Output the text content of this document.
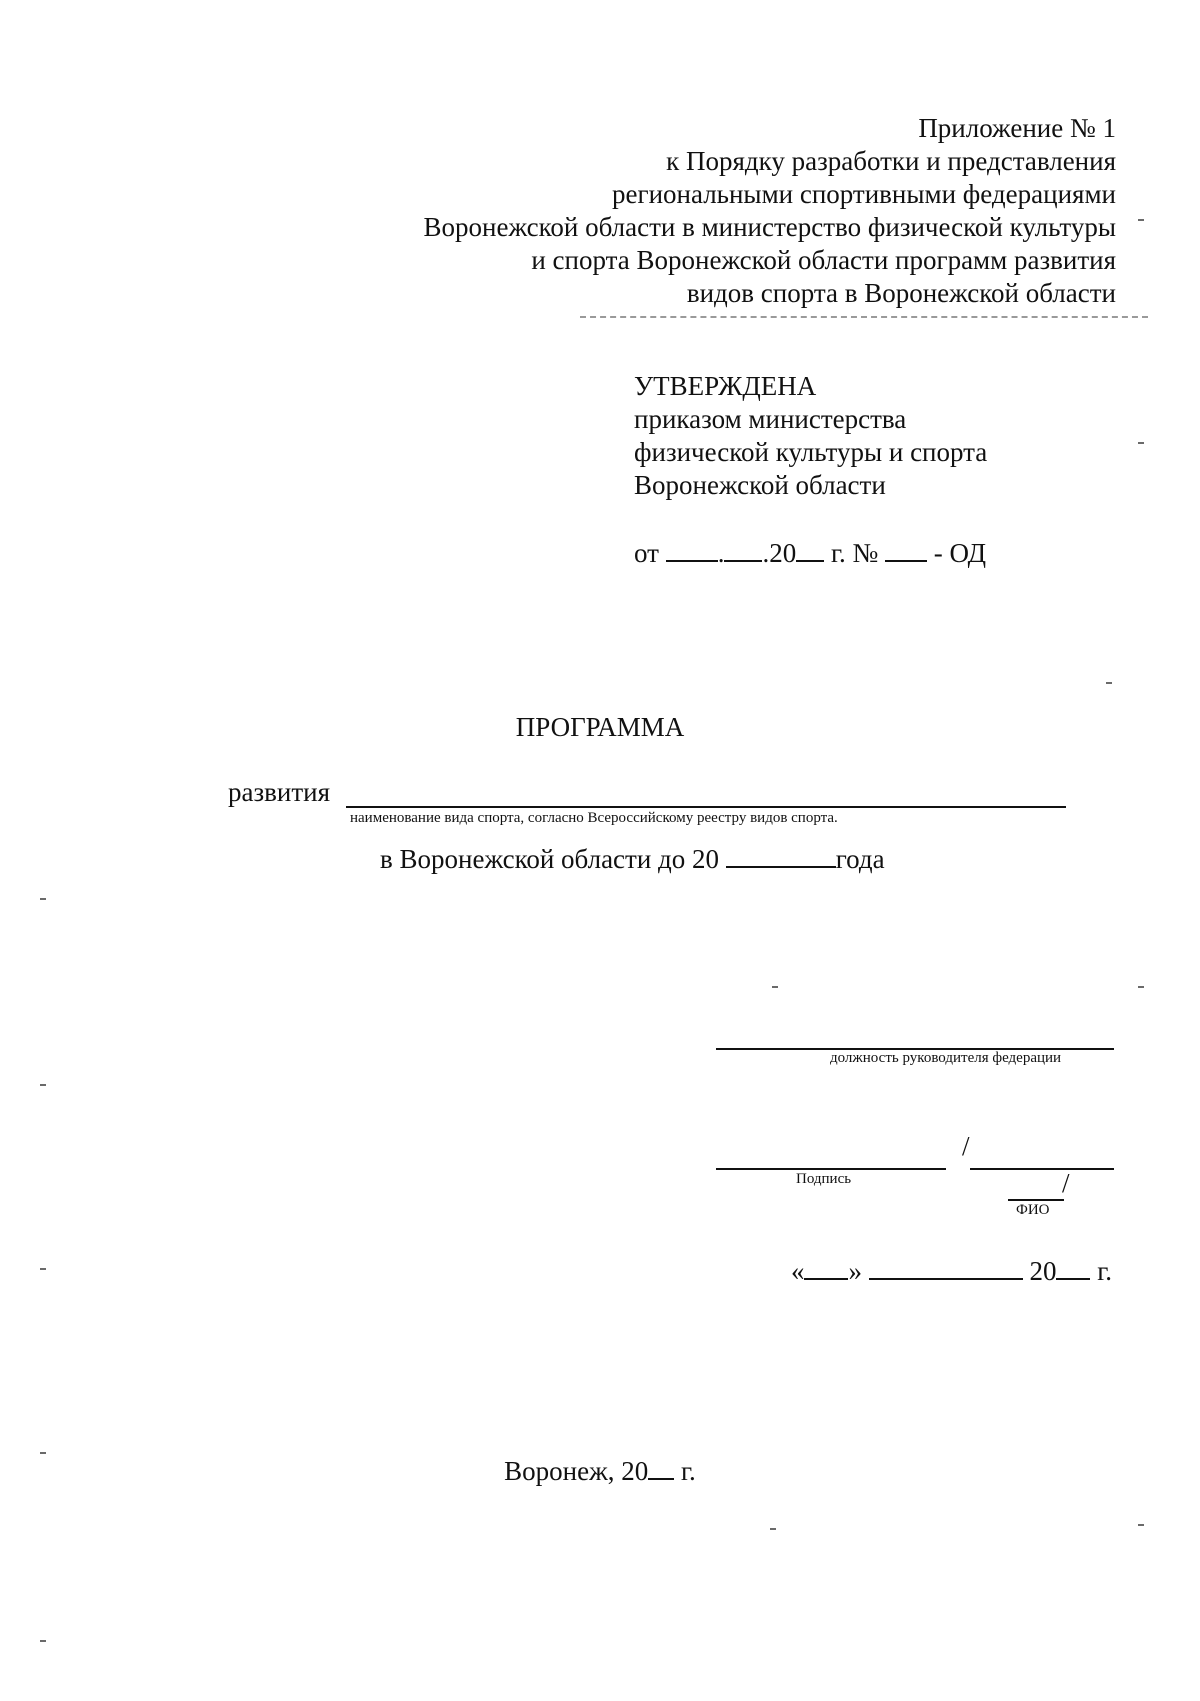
Приложение № 1
к Порядку разработки и представления
региональными спортивными федерациями
Воронежской области в министерство физической культуры
и спорта Воронежской области программ развития
видов спорта в Воронежской области
УТВЕРЖДЕНА
приказом министерства
физической культуры и спорта
Воронежской области
от . .20 г. № - ОД
ПРОГРАММА
развития
наименование вида спорта, согласно Всероссийскому реестру видов спорта.
в Воронежской области до 20	года
должность руководителя федерации
/
Подпись	/
ФИО
« »	20 г.
Воронеж, 20 г.
